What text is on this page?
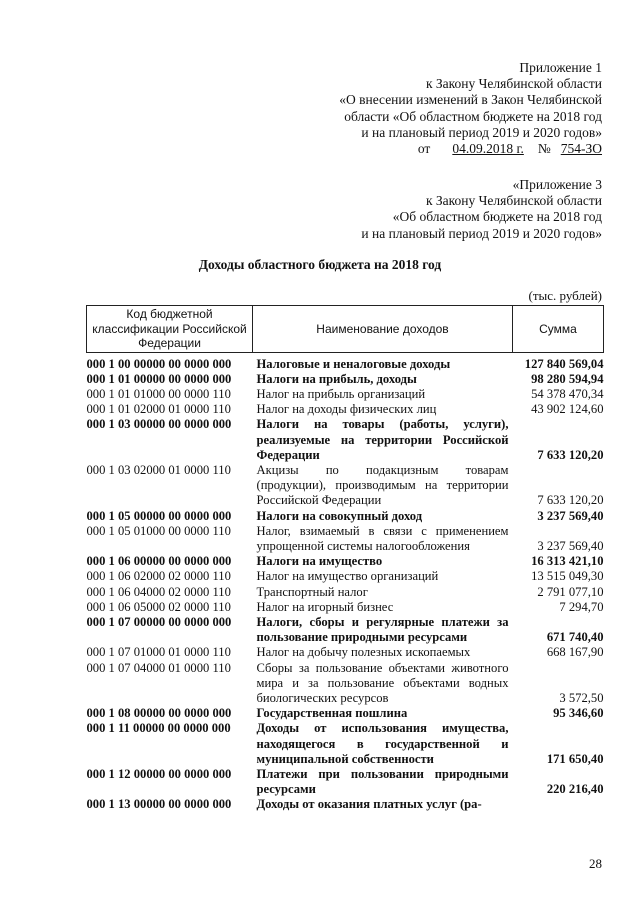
Приложение 1
к Закону Челябинской области
«О внесении изменений в Закон Челябинской
области «Об областном бюджете на 2018 год
и на плановый период 2019 и 2020 годов»
от 04.09.2018 г. № 754-ЗО
«Приложение 3
к Закону Челябинской области
«Об областном бюджете на 2018 год
и на плановый период 2019 и 2020 годов»
Доходы областного бюджета на 2018 год
(тыс. рублей)
Код бюджетной классификации Российской Федерации	Наименование доходов	Сумма

000 1 00 00000 00 0000 000	Налоговые и неналоговые доходы	127 840 569,04
000 1 01 00000 00 0000 000	Налоги на прибыль, доходы	98 280 594,94
000 1 01 01000 00 0000 110	Налог на прибыль организаций	54 378 470,34
000 1 01 02000 01 0000 110	Налог на доходы физических лиц	43 902 124,60
000 1 03 00000 00 0000 000	Налоги на товары (работы, услуги), реализуемые на территории Российской Федерации	7 633 120,20
000 1 03 02000 01 0000 110	Акцизы по подакцизным товарам (продукции), производимым на территории Российской Федерации	7 633 120,20
000 1 05 00000 00 0000 000	Налоги на совокупный доход	3 237 569,40
000 1 05 01000 00 0000 110	Налог, взимаемый в связи с применением упрощенной системы налогообложения	3 237 569,40
000 1 06 00000 00 0000 000	Налоги на имущество	16 313 421,10
000 1 06 02000 02 0000 110	Налог на имущество организаций	13 515 049,30
000 1 06 04000 02 0000 110	Транспортный налог	2 791 077,10
000 1 06 05000 02 0000 110	Налог на игорный бизнес	7 294,70
000 1 07 00000 00 0000 000	Налоги, сборы и регулярные платежи за пользование природными ресурсами	671 740,40
000 1 07 01000 01 0000 110	Налог на добычу полезных ископаемых	668 167,90
000 1 07 04000 01 0000 110	Сборы за пользование объектами животного мира и за пользование объектами водных биологических ресурсов	3 572,50
000 1 08 00000 00 0000 000	Государственная пошлина	95 346,60
000 1 11 00000 00 0000 000	Доходы от использования имущества, находящегося в государственной и муниципальной собственности	171 650,40
000 1 12 00000 00 0000 000	Платежи при пользовании природными ресурсами	220 216,40
000 1 13 00000 00 0000 000	Доходы от оказания платных услуг (ра-	
28
